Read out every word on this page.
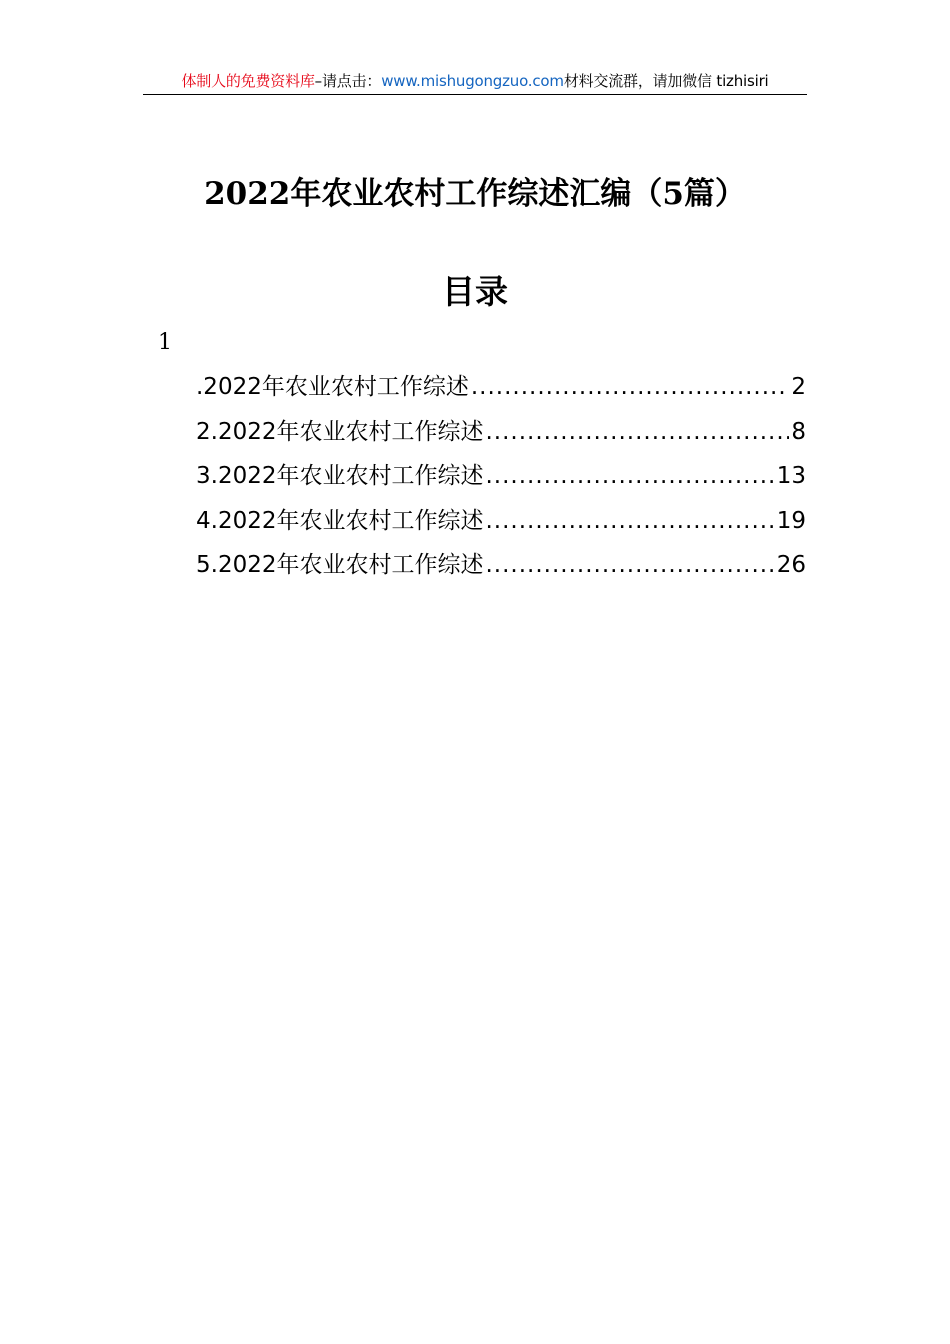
体制人的免费资料库–请点击：www.mishugongzuo.com材料交流群，请加微信 tizhisiri
2022年农业农村工作综述汇编（5篇）
目录
1
.2022年农业农村工作综述 .....	2
2.2022年农业农村工作综述 .....	8
3.2022年农业农村工作综述 .....	13
4.2022年农业农村工作综述 .....	19
5.2022年农业农村工作综述 .....	26
